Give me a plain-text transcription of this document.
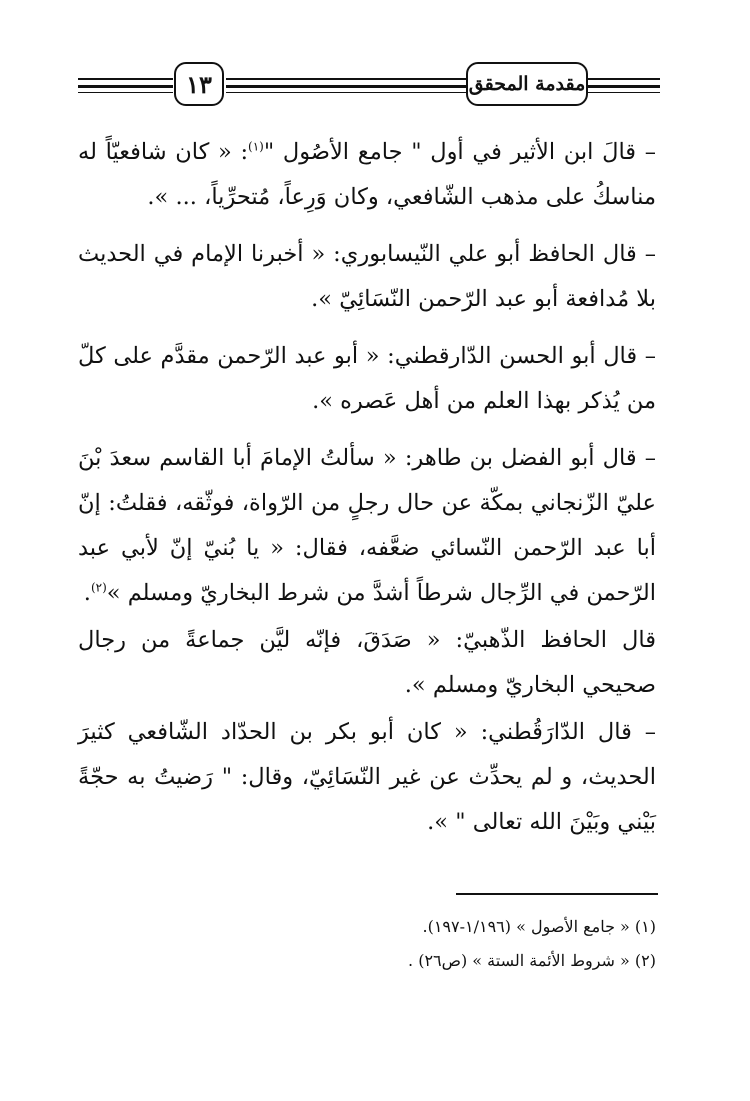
١٣	مقدمة المحقق

– قالَ ابن الأثير في أول " جامع الأصُول "$^{(١)}$: « كان شافعيّاً له مناسكُ على مذهب الشّافعي، وكان وَرِعاً، مُتحرِّياً، ... ».

– قال الحافظ أبو علي النّيسابوري: « أخبرنا الإمام في الحديث بلا مُدافعة أبو عبد الرّحمن النّسَائِيّ ».

– قال أبو الحسن الدّارقطني: « أبو عبد الرّحمن مقدَّم على كلّ من يُذكر بهذا العلم من أهل عَصره ».

– قال أبو الفضل بن طاهر: « سألتُ الإمامَ أبا القاسم سعدَ بْنَ عليّ الزّنجاني بمكّة عن حال رجلٍ من الرّواة، فوثّقه، فقلتُ: إنّ أبا عبد الرّحمن النّسائي ضعَّفه، فقال: « يا بُنيّ إنّ لأبي عبد الرّحمن في الرِّجال شرطاً أشدَّ من شرط البخاريّ ومسلم »$^{(٢)}$.

قال الحافظ الذّهبيّ: « صَدَقَ، فإنّه ليَّن جماعةً من رجال صحيحي البخاريّ ومسلم ».

– قال الدّارَقُطني: « كان أبو بكر بن الحدّاد الشّافعي كثيرَ الحديث، و لم يحدِّث عن غير النّسَائِيّ، وقال: " رَضيتُ به حجّةً بَيْني وبَيْنَ الله تعالى " ».

(١) « جامع الأصول » (١/١٩٦-١٩٧).

(٢) « شروط الأئمة الستة » (ص٢٦) .
